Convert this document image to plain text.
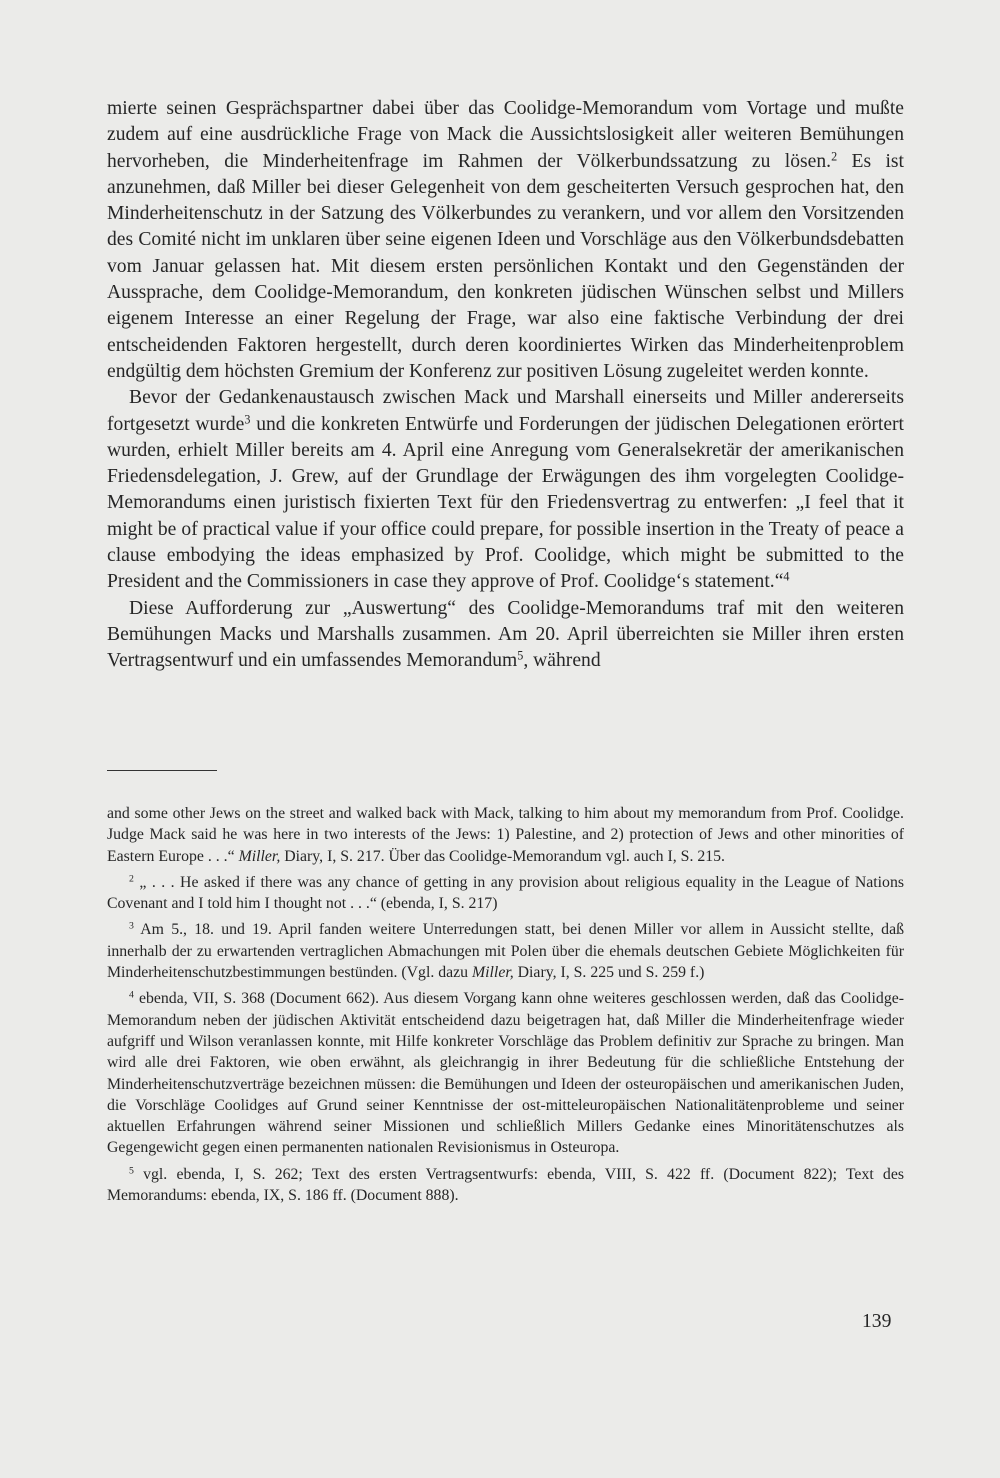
mierte seinen Gesprächspartner dabei über das Coolidge-Memorandum vom Vortage und mußte zudem auf eine ausdrückliche Frage von Mack die Aussichtslosigkeit aller weiteren Bemühungen hervorheben, die Minderheitenfrage im Rahmen der Völkerbundssatzung zu lösen.$^2$ Es ist anzunehmen, daß Miller bei dieser Gelegenheit von dem gescheiterten Versuch gesprochen hat, den Minderheitenschutz in der Satzung des Völkerbundes zu verankern, und vor allem den Vorsitzenden des Comité nicht im unklaren über seine eigenen Ideen und Vorschläge aus den Völkerbundsdebatten vom Januar gelassen hat. Mit diesem ersten persönlichen Kontakt und den Gegenständen der Aussprache, dem Coolidge-Memorandum, den konkreten jüdischen Wünschen selbst und Millers eigenem Interesse an einer Regelung der Frage, war also eine faktische Verbindung der drei entscheidenden Faktoren hergestellt, durch deren koordiniertes Wirken das Minderheitenproblem endgültig dem höchsten Gremium der Konferenz zur positiven Lösung zugeleitet werden konnte.

Bevor der Gedankenaustausch zwischen Mack und Marshall einerseits und Miller andererseits fortgesetzt wurde$^3$ und die konkreten Entwürfe und Forderungen der jüdischen Delegationen erörtert wurden, erhielt Miller bereits am 4. April eine Anregung vom Generalsekretär der amerikanischen Friedensdelegation, J. Grew, auf der Grundlage der Erwägungen des ihm vorgelegten Coolidge-Memorandums einen juristisch fixierten Text für den Friedensvertrag zu entwerfen: „I feel that it might be of practical value if your office could prepare, for possible insertion in the Treaty of peace a clause embodying the ideas emphasized by Prof. Coolidge, which might be submitted to the President and the Commissioners in case they approve of Prof. Coolidge‘s statement.“$^4$

Diese Aufforderung zur „Auswertung“ des Coolidge-Memorandums traf mit den weiteren Bemühungen Macks und Marshalls zusammen. Am 20. April überreichten sie Miller ihren ersten Vertragsentwurf und ein umfassendes Memorandum$^5$, während

and some other Jews on the street and walked back with Mack, talking to him about my memorandum from Prof. Coolidge. Judge Mack said he was here in two interests of the Jews: 1) Palestine, and 2) protection of Jews and other minorities of Eastern Europe . . .“ Miller, Diary, I, S. 217. Über das Coolidge-Memorandum vgl. auch I, S. 215.

$^2$ „ . . . He asked if there was any chance of getting in any provision about religious equality in the League of Nations Covenant and I told him I thought not . . .“ (ebenda, I, S. 217)

$^3$ Am 5., 18. und 19. April fanden weitere Unterredungen statt, bei denen Miller vor allem in Aussicht stellte, daß innerhalb der zu erwartenden vertraglichen Abmachungen mit Polen über die ehemals deutschen Gebiete Möglichkeiten für Minderheitenschutzbestimmungen bestünden. (Vgl. dazu Miller, Diary, I, S. 225 und S. 259 f.)

$^4$ ebenda, VII, S. 368 (Document 662). Aus diesem Vorgang kann ohne weiteres geschlossen werden, daß das Coolidge-Memorandum neben der jüdischen Aktivität entscheidend dazu beigetragen hat, daß Miller die Minderheitenfrage wieder aufgriff und Wilson veranlassen konnte, mit Hilfe konkreter Vorschläge das Problem definitiv zur Sprache zu bringen. Man wird alle drei Faktoren, wie oben erwähnt, als gleichrangig in ihrer Bedeutung für die schließliche Entstehung der Minderheitenschutzverträge bezeichnen müssen: die Bemühungen und Ideen der osteuropäischen und amerikanischen Juden, die Vorschläge Coolidges auf Grund seiner Kenntnisse der ost-mitteleuropäischen Nationalitätenprobleme und seiner aktuellen Erfahrungen während seiner Missionen und schließlich Millers Gedanke eines Minoritätenschutzes als Gegengewicht gegen einen permanenten nationalen Revisionismus in Osteuropa.

$^5$ vgl. ebenda, I, S. 262; Text des ersten Vertragsentwurfs: ebenda, VIII, S. 422 ff. (Document 822); Text des Memorandums: ebenda, IX, S. 186 ff. (Document 888).

139
